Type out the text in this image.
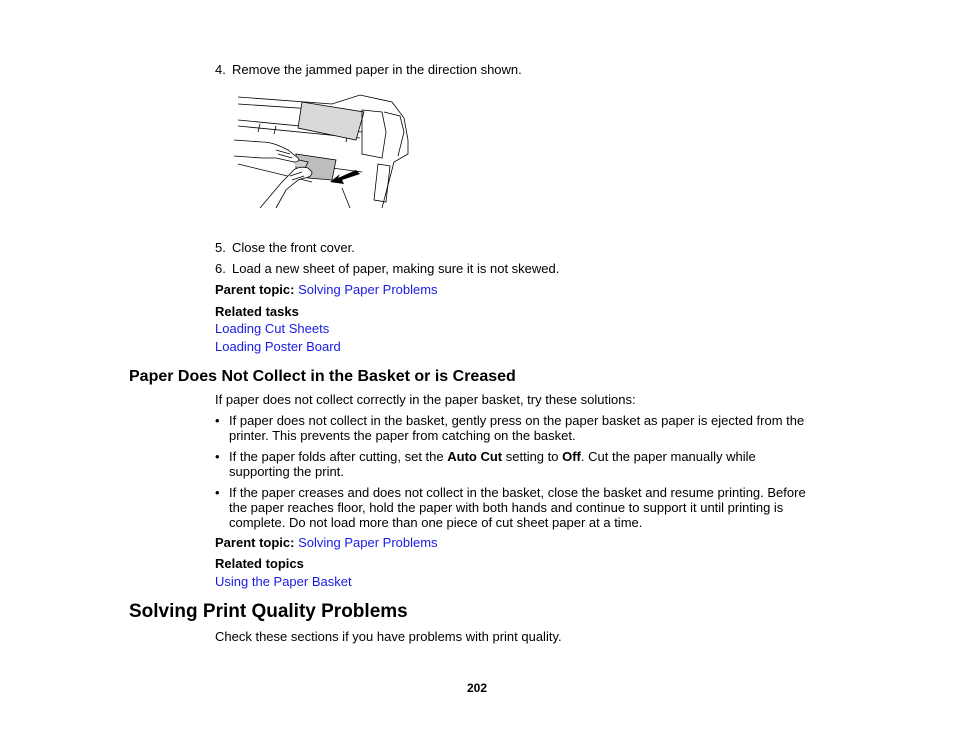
4. Remove the jammed paper in the direction shown.
5. Close the front cover.
6. Load a new sheet of paper, making sure it is not skewed.
Parent topic: Solving Paper Problems
Related tasks
Loading Cut Sheets
Loading Poster Board
Paper Does Not Collect in the Basket or is Creased
If paper does not collect correctly in the paper basket, try these solutions:
• If paper does not collect in the basket, gently press on the paper basket as paper is ejected from the
printer. This prevents the paper from catching on the basket.
• If the paper folds after cutting, set the Auto Cut setting to Off. Cut the paper manually while
supporting the print.
• If the paper creases and does not collect in the basket, close the basket and resume printing. Before
the paper reaches floor, hold the paper with both hands and continue to support it until printing is
complete. Do not load more than one piece of cut sheet paper at a time.
Parent topic: Solving Paper Problems
Related topics
Using the Paper Basket
Solving Print Quality Problems
Check these sections if you have problems with print quality.
202
